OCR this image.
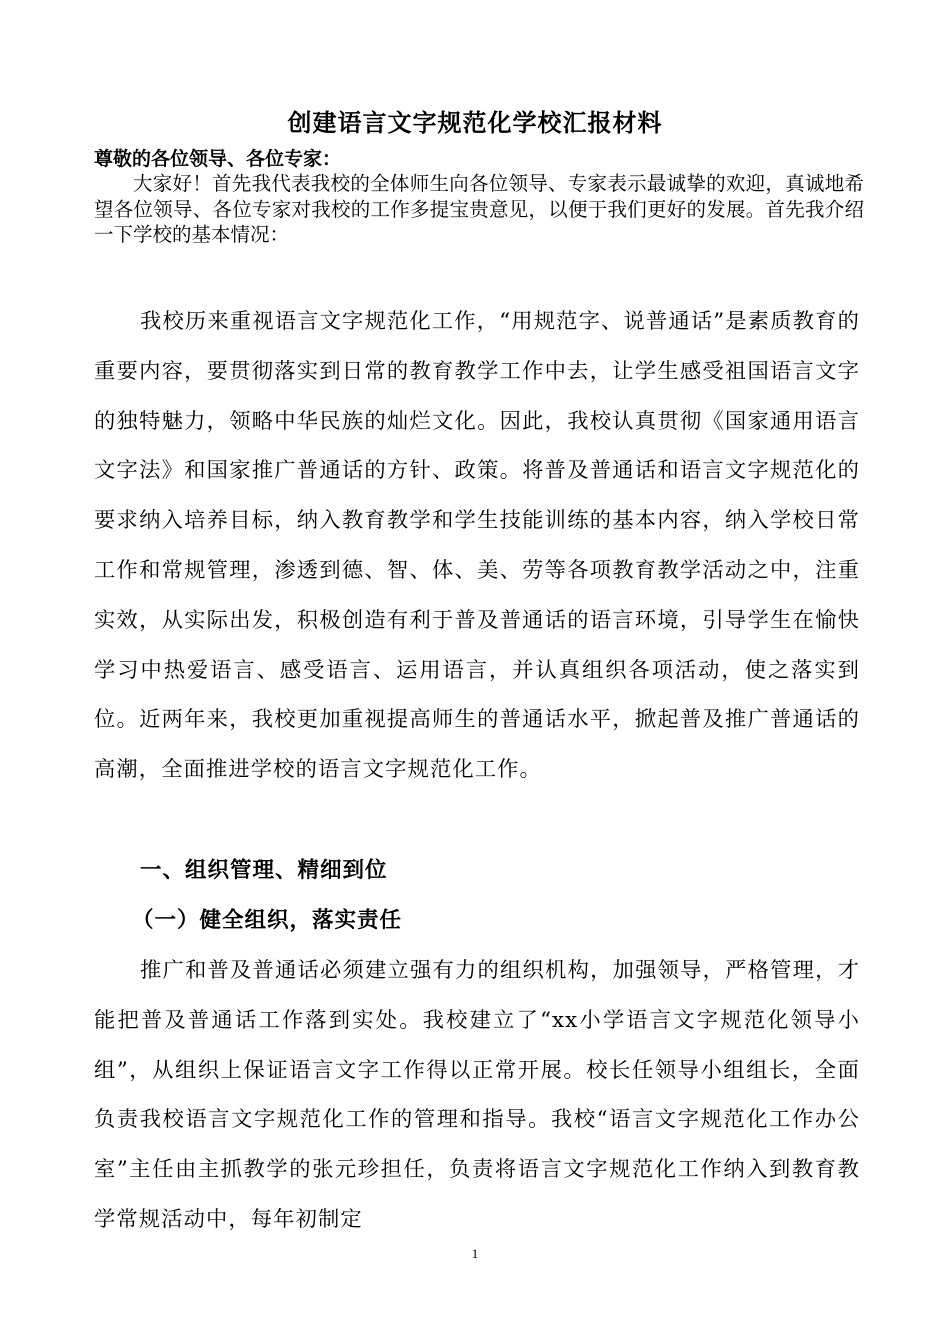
创建语言文字规范化学校汇报材料
尊敬的各位领导、各位专家：

大家好！首先我代表我校的全体师生向各位领导、专家表示最诚挚的欢迎，真诚地希望各位领导、各位专家对我校的工作多提宝贵意见，以便于我们更好的发展。首先我介绍一下学校的基本情况：

我校历来重视语言文字规范化工作，“用规范字、说普通话”是素质教育的重要内容，要贯彻落实到日常的教育教学工作中去，让学生感受祖国语言文字的独特魅力，领略中华民族的灿烂文化。因此，我校认真贯彻《国家通用语言文字法》和国家推广普通话的方针、政策。将普及普通话和语言文字规范化的要求纳入培养目标，纳入教育教学和学生技能训练的基本内容，纳入学校日常工作和常规管理，渗透到德、智、体、美、劳等各项教育教学活动之中，注重实效，从实际出发，积极创造有利于普及普通话的语言环境，引导学生在愉快学习中热爱语言、感受语言、运用语言，并认真组织各项活动，使之落实到位。近两年来，我校更加重视提高师生的普通话水平，掀起普及推广普通话的高潮，全面推进学校的语言文字规范化工作。

一、组织管理、精细到位

（一）健全组织，落实责任

推广和普及普通话必须建立强有力的组织机构，加强领导，严格管理，才能把普及普通话工作落到实处。我校建立了“xx小学语言文字规范化领导小组”，从组织上保证语言文字工作得以正常开展。校长任领导小组组长，全面负责我校语言文字规范化工作的管理和指导。我校“语言文字规范化工作办公室”主任由主抓教学的张元珍担任，负责将语言文字规范化工作纳入到教育教学常规活动中，每年初制定

1
